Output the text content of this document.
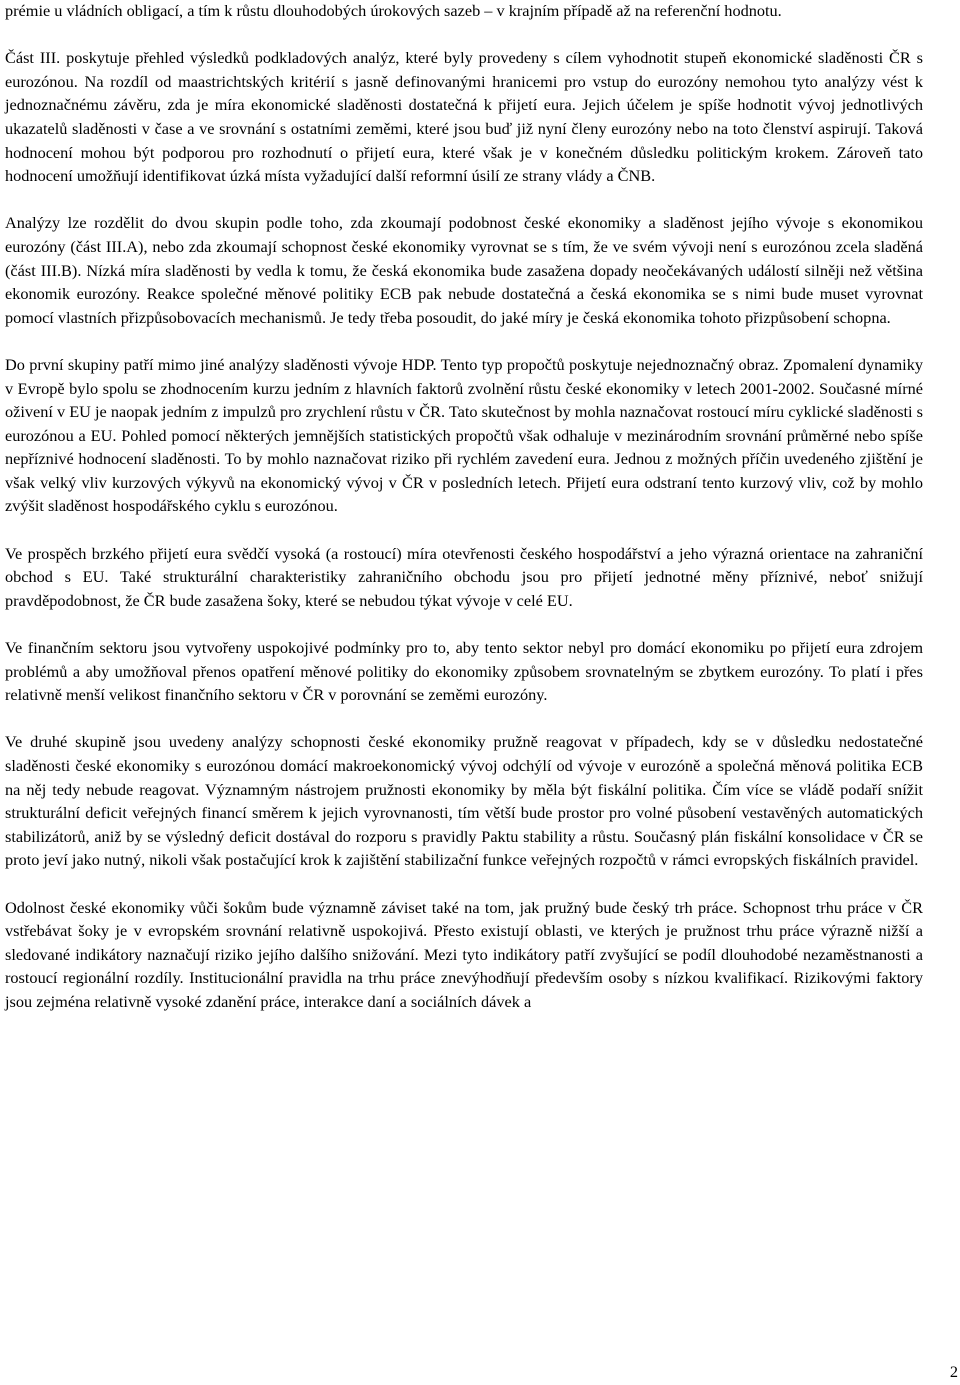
prémie u vládních obligací, a tím k růstu dlouhodobých úrokových sazeb – v krajním případě až na referenční hodnotu.

Část III. poskytuje přehled výsledků podkladových analýz, které byly provedeny s cílem vyhodnotit stupeň ekonomické sladěnosti ČR s eurozónou. Na rozdíl od maastrichtských kritérií s jasně definovanými hranicemi pro vstup do eurozóny nemohou tyto analýzy vést k jednoznačnému závěru, zda je míra ekonomické sladěnosti dostatečná k přijetí eura. Jejich účelem je spíše hodnotit vývoj jednotlivých ukazatelů sladěnosti v čase a ve srovnání s ostatními zeměmi, které jsou buď již nyní členy eurozóny nebo na toto členství aspirují. Taková hodnocení mohou být podporou pro rozhodnutí o přijetí eura, které však je v konečném důsledku politickým krokem. Zároveň tato hodnocení umožňují identifikovat úzká místa vyžadující další reformní úsilí ze strany vlády a ČNB.

Analýzy lze rozdělit do dvou skupin podle toho, zda zkoumají podobnost české ekonomiky a sladěnost jejího vývoje s ekonomikou eurozóny (část III.A), nebo zda zkoumají schopnost české ekonomiky vyrovnat se s tím, že ve svém vývoji není s eurozónou zcela sladěná (část III.B). Nízká míra sladěnosti by vedla k tomu, že česká ekonomika bude zasažena dopady neočekávaných událostí silněji než většina ekonomik eurozóny. Reakce společné měnové politiky ECB pak nebude dostatečná a česká ekonomika se s nimi bude muset vyrovnat pomocí vlastních přizpůsobovacích mechanismů. Je tedy třeba posoudit, do jaké míry je česká ekonomika tohoto přizpůsobení schopna.

Do první skupiny patří mimo jiné analýzy sladěnosti vývoje HDP. Tento typ propočtů poskytuje nejednoznačný obraz. Zpomalení dynamiky v Evropě bylo spolu se zhodnocením kurzu jedním z hlavních faktorů zvolnění růstu české ekonomiky v letech 2001-2002. Současné mírné oživení v EU je naopak jedním z impulzů pro zrychlení růstu v ČR. Tato skutečnost by mohla naznačovat rostoucí míru cyklické sladěnosti s eurozónou a EU. Pohled pomocí některých jemnějších statistických propočtů však odhaluje v mezinárodním srovnání průměrné nebo spíše nepříznivé hodnocení sladěnosti. To by mohlo naznačovat riziko při rychlém zavedení eura. Jednou z možných příčin uvedeného zjištění je však velký vliv kurzových výkyvů na ekonomický vývoj v ČR v posledních letech. Přijetí eura odstraní tento kurzový vliv, což by mohlo zvýšit sladěnost hospodářského cyklu s eurozónou.

Ve prospěch brzkého přijetí eura svědčí vysoká (a rostoucí) míra otevřenosti českého hospodářství a jeho výrazná orientace na zahraniční obchod s EU. Také strukturální charakteristiky zahraničního obchodu jsou pro přijetí jednotné měny příznivé, neboť snižují pravděpodobnost, že ČR bude zasažena šoky, které se nebudou týkat vývoje v celé EU.

Ve finančním sektoru jsou vytvořeny uspokojivé podmínky pro to, aby tento sektor nebyl pro domácí ekonomiku po přijetí eura zdrojem problémů a aby umožňoval přenos opatření měnové politiky do ekonomiky způsobem srovnatelným se zbytkem eurozóny. To platí i přes relativně menší velikost finančního sektoru v ČR v porovnání se zeměmi eurozóny.

Ve druhé skupině jsou uvedeny analýzy schopnosti české ekonomiky pružně reagovat v případech, kdy se v důsledku nedostatečné sladěnosti české ekonomiky s eurozónou domácí makroekonomický vývoj odchýlí od vývoje v eurozóně a společná měnová politika ECB na něj tedy nebude reagovat. Významným nástrojem pružnosti ekonomiky by měla být fiskální politika. Čím více se vládě podaří snížit strukturální deficit veřejných financí směrem k jejich vyrovnanosti, tím větší bude prostor pro volné působení vestavěných automatických stabilizátorů, aniž by se výsledný deficit dostával do rozporu s pravidly Paktu stability a růstu. Současný plán fiskální konsolidace v ČR se proto jeví jako nutný, nikoli však postačující krok k zajištění stabilizační funkce veřejných rozpočtů v rámci evropských fiskálních pravidel.

Odolnost české ekonomiky vůči šokům bude významně záviset také na tom, jak pružný bude český trh práce. Schopnost trhu práce v ČR vstřebávat šoky je v evropském srovnání relativně uspokojivá. Přesto existují oblasti, ve kterých je pružnost trhu práce výrazně nižší a sledované indikátory naznačují riziko jejího dalšího snižování. Mezi tyto indikátory patří zvyšující se podíl dlouhodobé nezaměstnanosti a rostoucí regionální rozdíly. Institucionální pravidla na trhu práce znevýhodňují především osoby s nízkou kvalifikací. Rizikovými faktory jsou zejména relativně vysoké zdanění práce, interakce daní a sociálních dávek a

2
